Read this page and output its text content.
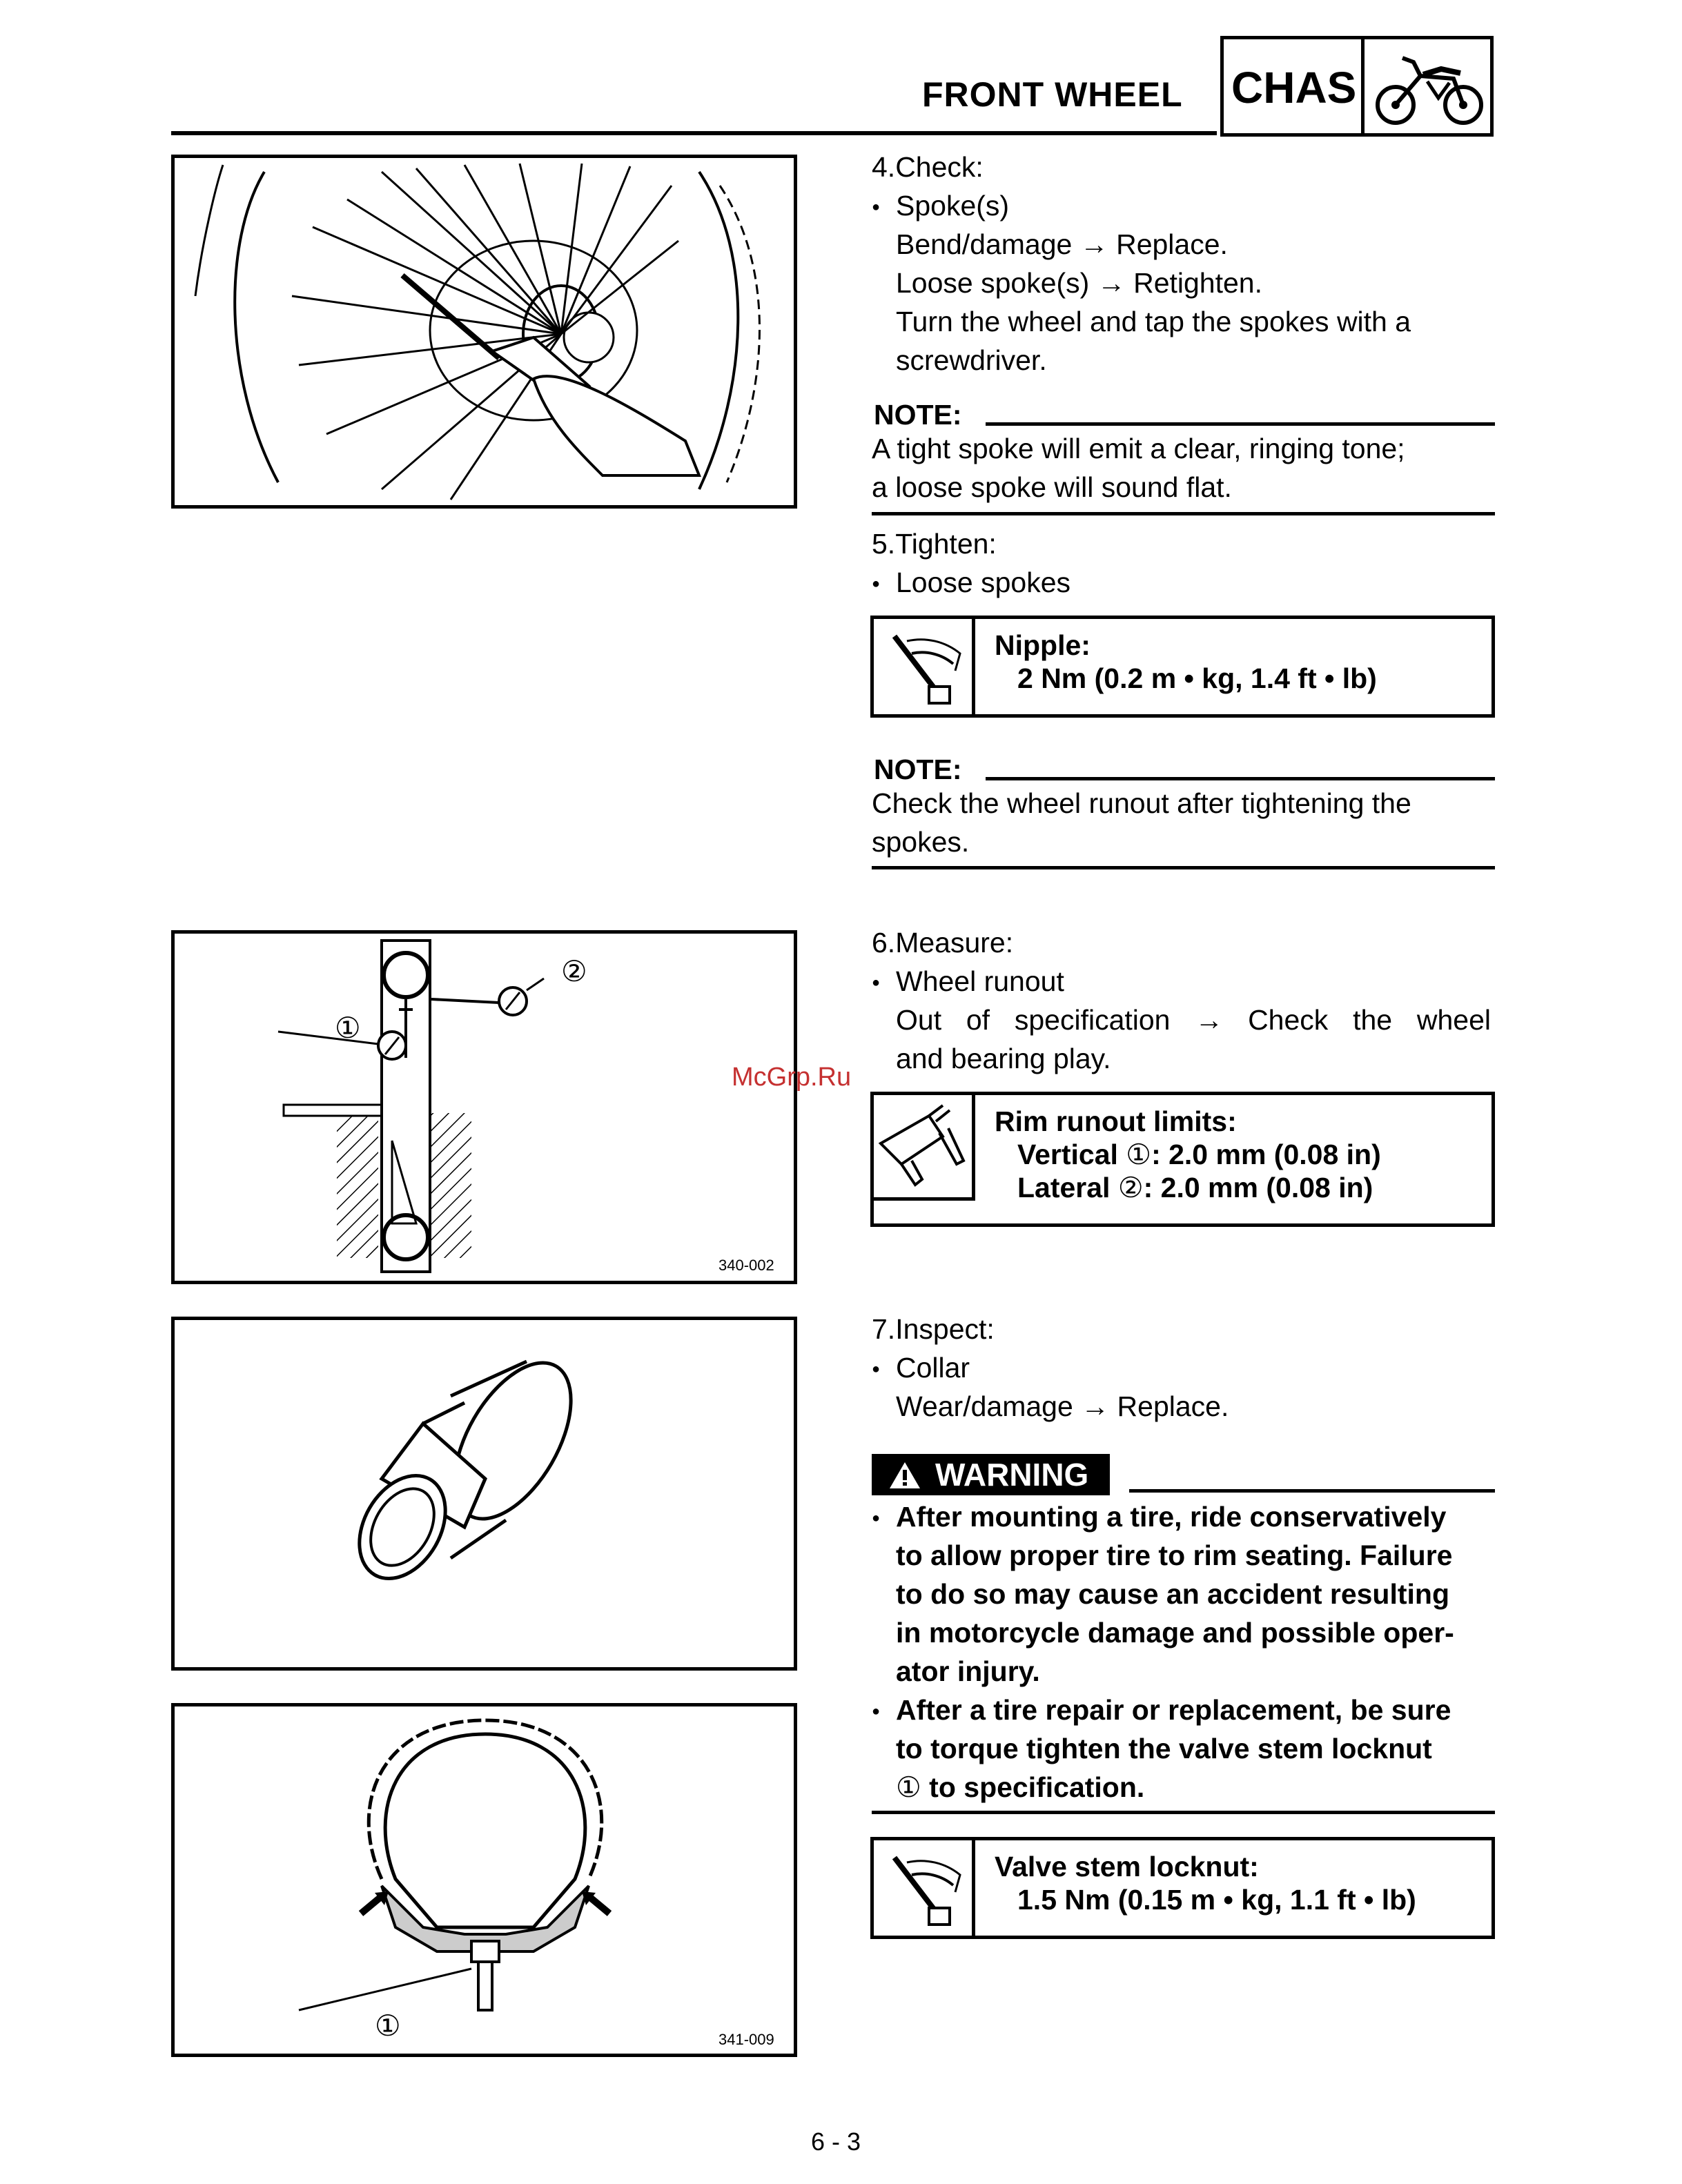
FRONT WHEEL CHAS
①
②
340-002
①	341-009
4.Check:
Spoke(s)
Bend/damage → Replace.
Loose spoke(s) → Retighten.
Turn the wheel and tap the spokes with a
screwdriver.
NOTE:
A tight spoke will emit a clear, ringing tone;
a loose spoke will sound flat.
5.Tighten:
Loose spokes
Nipple:
2 Nm (0.2 m • kg, 1.4 ft • lb)
NOTE:
Check the wheel runout after tightening the
spokes.
6.Measure:
Wheel runout
Out of specification → Check the wheel
and bearing play.
McGrp.Ru
Rim runout limits:
Vertical ①: 2.0 mm (0.08 in)
Lateral ②: 2.0 mm (0.08 in)
7.Inspect:
Collar
Wear/damage → Replace.
WARNING
After mounting a tire, ride conservatively
to allow proper tire to rim seating. Failure
to do so may cause an accident resulting
in motorcycle damage and possible oper-
ator injury.
After a tire repair or replacement, be sure
to torque tighten the valve stem locknut
① to specification.
Valve stem locknut:
1.5 Nm (0.15 m • kg, 1.1 ft • lb)
6 - 3
